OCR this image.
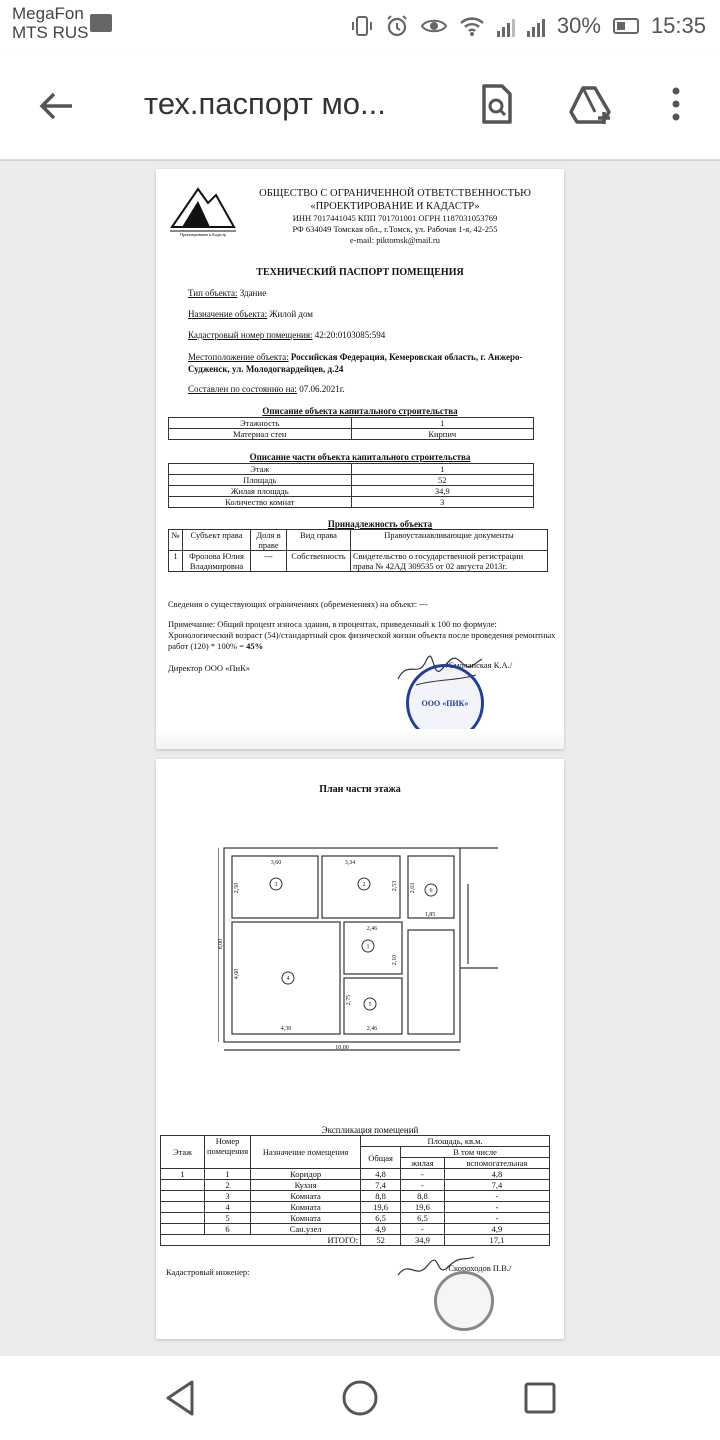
MegaFon
MTS RUS	30% 15:35
тех.паспорт мо...
Проектирование и Кадастр
ОБЩЕСТВО С ОГРАНИЧЕННОЙ ОТВЕТСТВЕННОСТЬЮ
«ПРОЕКТИРОВАНИЕ И КАДАСТР»
ИНН 7017441045 КПП 701701001 ОГРН 1187031053769
РФ 634049 Томская обл., г.Томск, ул. Рабочая 1-я, 42-255
e-mail: piktomsk@mail.ru
ТЕХНИЧЕСКИЙ ПАСПОРТ ПОМЕЩЕНИЯ
Тип объекта: Здание
Назначение объекта: Жилой дом
Кадастровый номер помещения: 42:20:0103085:594
Местоположение объекта: Российская Федерация, Кемеровская область, г. Анжеро-Судженск, ул. Молодогвардейцев, д.24
Составлен по состоянию на: 07.06.2021г.
Описание объекта капитального строительства
Этажность	1
Материал стен	Кирпич
Описание части объекта капитального строительства
Этаж	1
Площадь	52
Жилая площадь	34,9
Количество комнат	3
Принадлежность объекта
№	Субъект права	Доля в праве	Вид права	Правоустанавливающие документы
1	Фролова Юлия Владимировна	---	Собственность	Свидетельство о государственной регистрации права № 42АД 309535 от 02 августа 2013г.
Сведения о существующих ограничениях (обременениях) на объект: ---
Примечание: Общий процент износа здания, в процентах, приведенный к 100 по формуле: Хронологический возраст (54)/стандартный срок физической жизни объекта после проведения ремонтных работ (120) * 100% = 45%
Директор ООО «ПиК»	/Смоланская К.А./
ООО «ПИК»
План части этажа
3	2
6
4
1
5
3,60	3,34
2,50	2,53 2,63
1,85
2,46
8,00
4,60
2,10
2,75
4,30	2,46
10,00
Экспликация помещений
Этаж	Номер помещения	Назначение помещения	Площадь, кв.м.		
			Общая	В том числе	
				жилая	вспомогательная
1	1	Коридор	4,8	-	4,8
	2	Кухня	7,4	-	7,4
	3	Комната	8,8	8,8	-
	4	Комната	19,6	19,6	-
	5	Комната	6,5	6,5	-
	6	Сан.узел	4,9	-	4,9
ИТОГО:			52	34,9	17,1
Кадастровый инженер:	/Скороходов П.В./
